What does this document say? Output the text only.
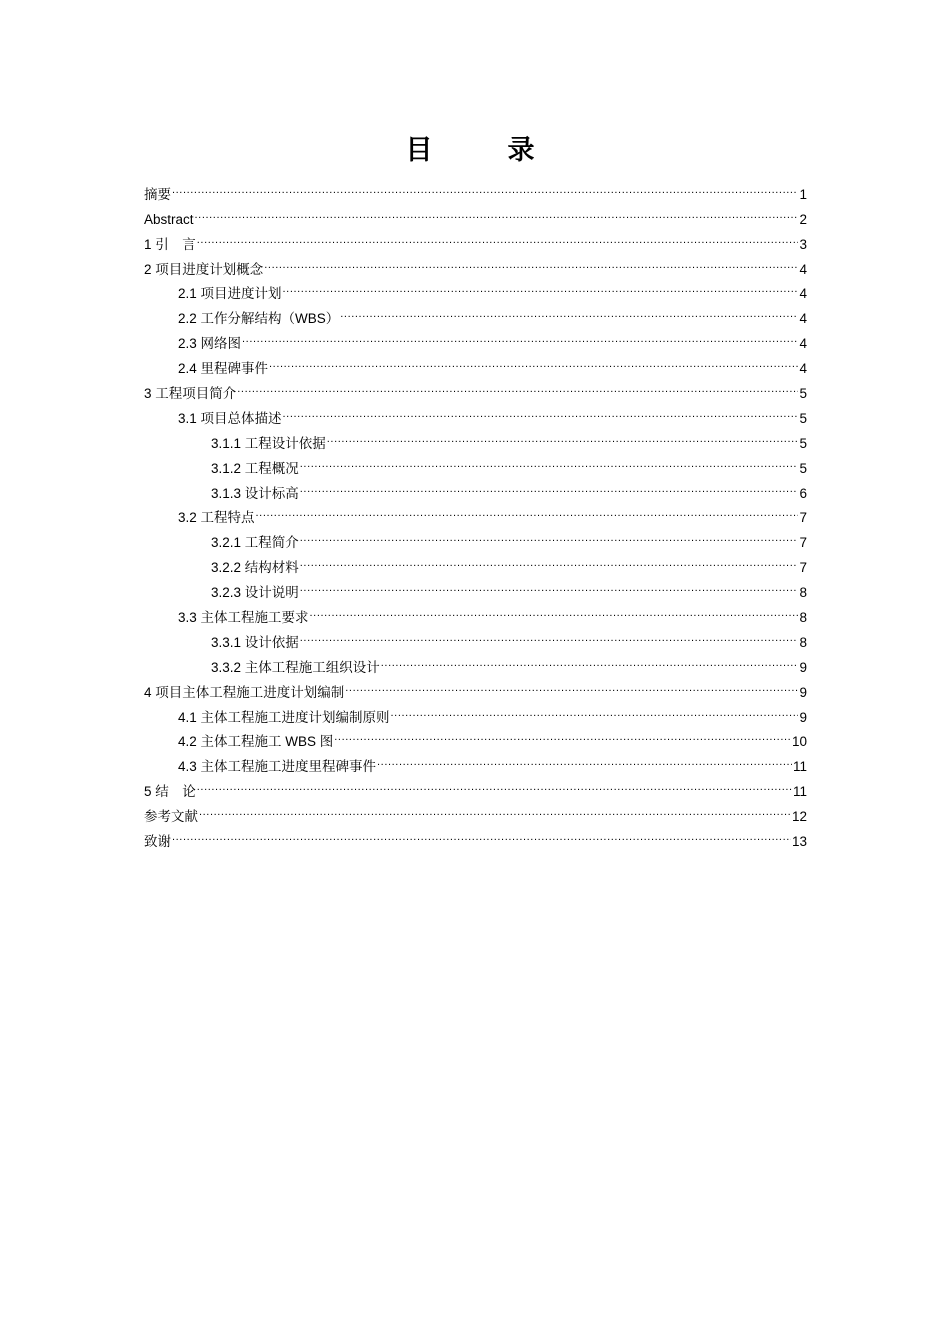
目　录
摘要 .....	1
Abstract .....	2
1 引　言 .....	3
2 项目进度计划概念 .....	4
2.1 项目进度计划 .....	4
2.2 工作分解结构（WBS） .....	4
2.3 网络图 .....	4
2.4 里程碑事件 .....	4
3 工程项目简介 .....	5
3.1 项目总体描述 .....	5
3.1.1 工程设计依据 .....	5
3.1.2 工程概况 .....	5
3.1.3 设计标高 .....	6
3.2 工程特点 .....	7
3.2.1 工程简介 .....	7
3.2.2 结构材料 .....	7
3.2.3 设计说明 .....	8
3.3 主体工程施工要求 .....	8
3.3.1 设计依据 .....	8
3.3.2 主体工程施工组织设计 .....	9
4 项目主体工程施工进度计划编制 .....	9
4.1 主体工程施工进度计划编制原则 .....	9
4.2 主体工程施工 WBS 图 .....	10
4.3 主体工程施工进度里程碑事件 .....	11
5 结　论 .....	11
参考文献 .....	12
致谢 .....	13
